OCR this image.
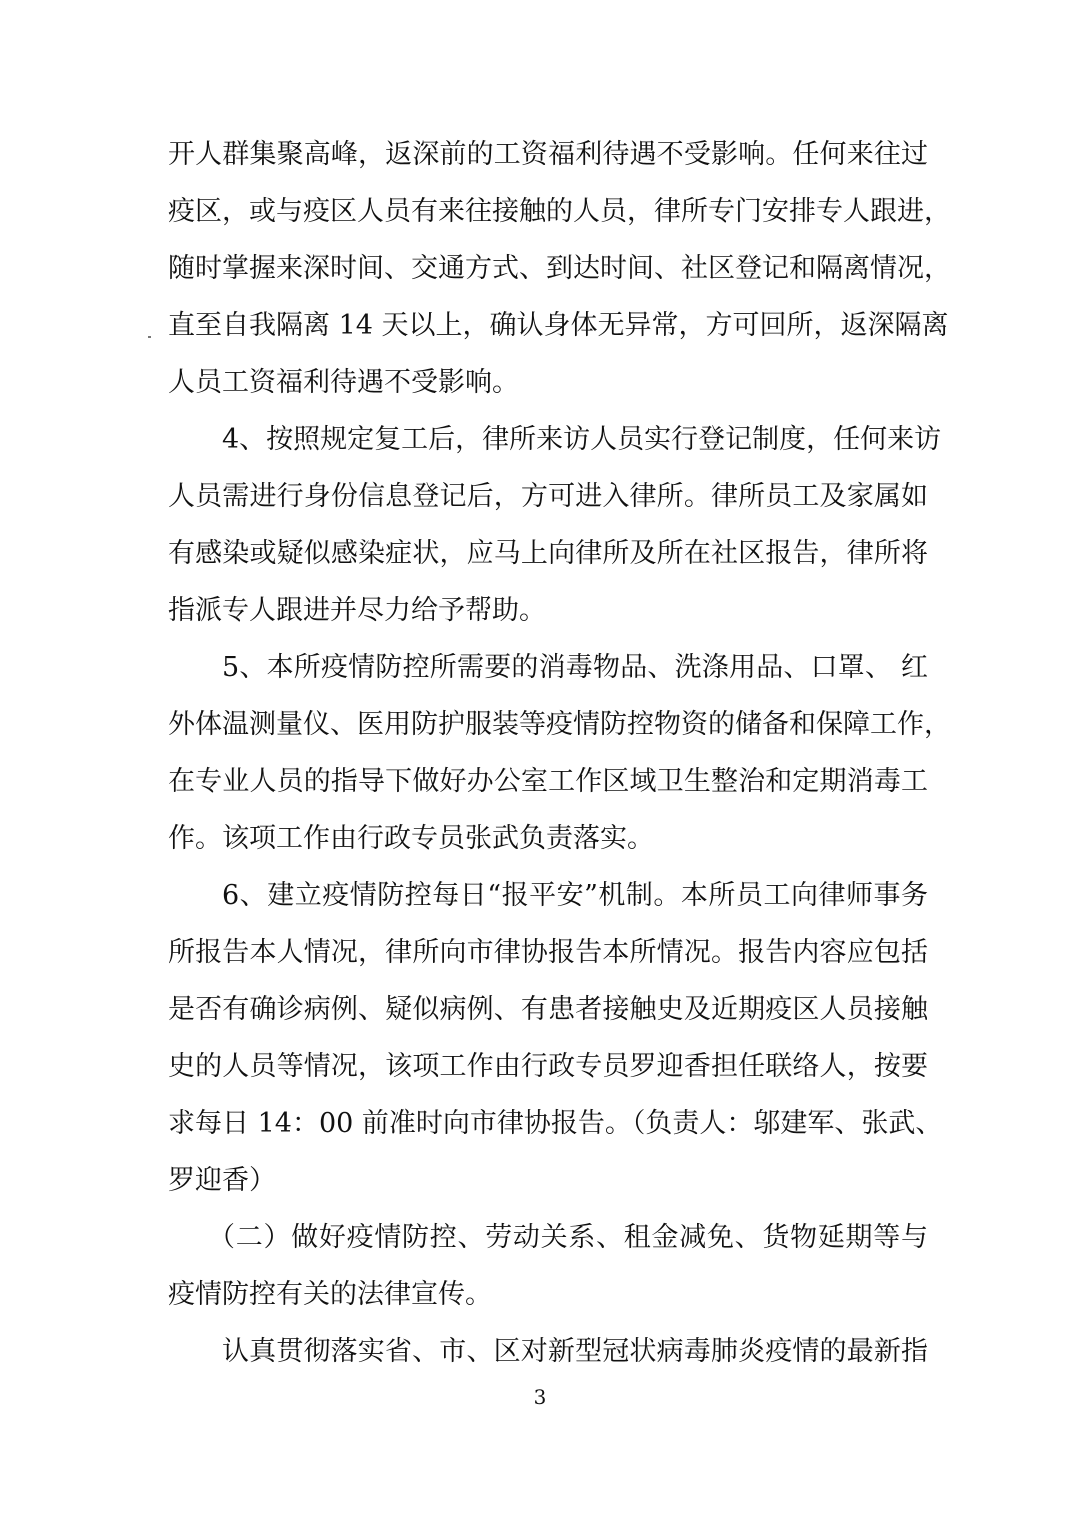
开人群集聚高峰，返深前的工资福利待遇不受影响。任何来往过
疫区，或与疫区人员有来往接触的人员，律所专门安排专人跟进，
随时掌握来深时间、交通方式、到达时间、社区登记和隔离情况，
直至自我隔离 14 天以上，确认身体无异常，方可回所，返深隔离
人员工资福利待遇不受影响。
4、按照规定复工后，律所来访人员实行登记制度，任何来访
人员需进行身份信息登记后，方可进入律所。律所员工及家属如
有感染或疑似感染症状，应马上向律所及所在社区报告，律所将
指派专人跟进并尽力给予帮助。
5、本所疫情防控所需要的消毒物品、洗涤用品、口罩、 红
外体温测量仪、医用防护服装等疫情防控物资的储备和保障工作，
在专业人员的指导下做好办公室工作区域卫生整治和定期消毒工
作。该项工作由行政专员张武负责落实。
6、建立疫情防控每日“报平安”机制。本所员工向律师事务
所报告本人情况，律所向市律协报告本所情况。报告内容应包括
是否有确诊病例、疑似病例、有患者接触史及近期疫区人员接触
史的人员等情况，该项工作由行政专员罗迎香担任联络人，按要
求每日 14：00 前准时向市律协报告。（负责人：邬建军、张武、
罗迎香）
（二）做好疫情防控、劳动关系、租金减免、货物延期等与
疫情防控有关的法律宣传。
认真贯彻落实省、市、区对新型冠状病毒肺炎疫情的最新指
3
